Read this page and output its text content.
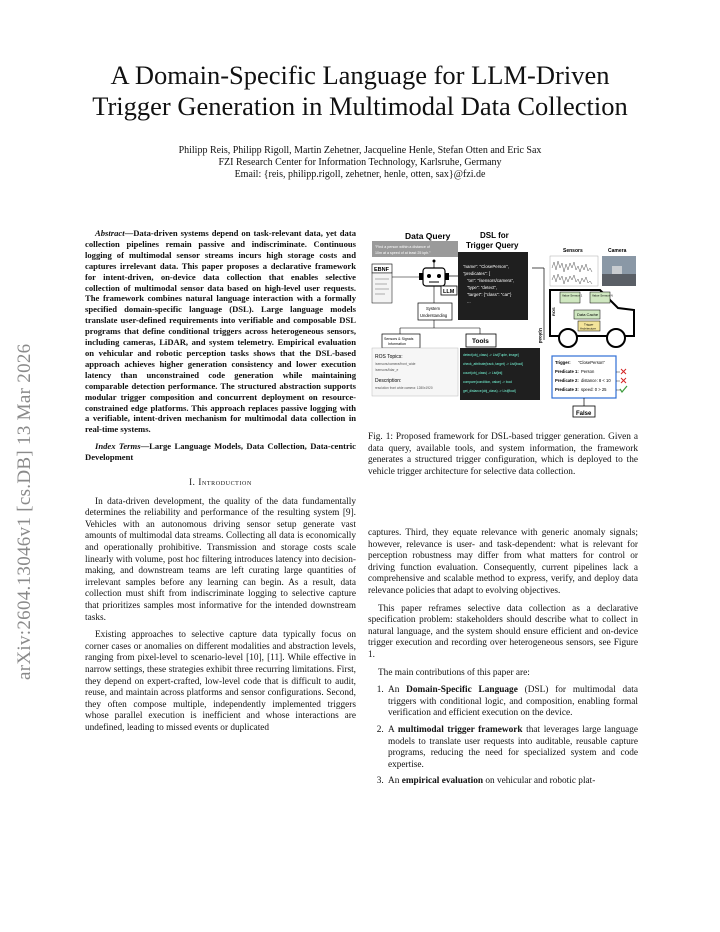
arXiv:2604.13046v1 [cs.DB] 13 Mar 2026
A Domain-Specific Language for LLM-Driven
Trigger Generation in Multimodal Data Collection
Philipp Reis, Philipp Rigoll, Martin Zehetner, Jacqueline Henle, Stefan Otten and Eric Sax
FZI Research Center for Information Technology, Karlsruhe, Germany
Email: {reis, philipp.rigoll, zehetner, henle, otten, sax}@fzi.de

Abstract—Data-driven systems depend on task-relevant data, yet data collection pipelines remain passive and indiscriminate. Continuous logging of multimodal sensor streams incurs high storage costs and captures irrelevant data. This paper proposes a declarative framework for intent-driven, on-device data collection that enables selective collection of multimodal sensor data based on high-level user requests. The framework combines natural language interaction with a formally specified domain-specific language (DSL). Large language models translate user-defined requirements into verifiable and composable DSL programs that define conditional triggers across heterogeneous sensors, including cameras, LiDAR, and system telemetry. Empirical evaluation on vehicular and robotic perception tasks shows that the DSL-based approach achieves higher generation consistency and lower execution latency than unconstrained code generation while maintaining comparable detection performance. The structured abstraction supports modular trigger composition and concurrent deployment on resource-constrained edge platforms. This approach replaces passive logging with a verifiable, intent-driven mechanism for multimodal data collection in real-time systems.

Index Terms—Large Language Models, Data Collection, Data-centric Development

I. Introduction

In data-driven development, the quality of the data fundamentally determines the reliability and performance of the resulting system [9]. Vehicles with an autonomous driving sensor setup generate vast amounts of multimodal data streams. Collecting all data is economically and operationally prohibitive. Transmission and storage costs scale linearly with volume, post hoc filtering introduces latency into decision-making, and downstream teams are left curating large quantities of irrelevant samples before any learning can begin. As a result, data collection must shift from indiscriminate logging to selective capture that prioritizes samples most informative for the intended downstream tasks.

Existing approaches to selective capture data typically focus on corner cases or anomalies on different modalities and abstraction levels, ranging from pixel-level to scenario-level [10], [11]. While effective in narrow settings, these strategies exhibit three recurring limitations. First, they depend on expert-crafted, low-level code that is difficult to audit, reuse, and maintain across platforms and sensor configurations. Second, they often compose multiple, independently implemented triggers whose parallel execution is inefficient and whose interactions are undefined, leading to missed events or duplicated

Data Query	DSL for
Trigger Query
"Find a person within a distance of
10m at a speed of at least 25 kph."
EBNF
LLM
System
Understanding
Sensors & Signals
Information
ROS Topics:
/sensors/camera/front_wide
/sensors/lidar_e
Description:
resolution front wide camera: 1280x1920
Tools
detect(obj_class) -> List[Tuple, image]
check_attribute(track, target) -> List[bool]
count(obj_class) -> List[int]
compare(condition, value) -> bool
get_distance(obj_class) -> List[float]
"name": "ClosePerson",
"predicates": [
"on": "/sensors/camera",
"type": "detect",
"target": {"class": "car"}
...
Upload
Sensors	Camera
ROS
Value Sensor 1	Value Sensor N
Data Cache
Trigger
Architecture
Trigger: "ClosePerson"
Predicate 1: Person
Predicate 2: distance: 8 < 10
Predicate 3: speed: 0 > 25
False
Fig. 1: Proposed framework for DSL-based trigger generation. Given a data query, available tools, and system information, the framework generates a structured trigger configuration, which is deployed to the vehicle trigger architecture for selective data collection.

captures. Third, they equate relevance with generic anomaly signals; however, relevance is user- and task-dependent: what is relevant for perception robustness may differ from what matters for control or driving function evaluation. Consequently, current pipelines lack a comprehensive and scalable method to express, verify, and deploy data relevance policies that adapt to evolving objectives.

This paper reframes selective data collection as a declarative specification problem: stakeholders should describe what to collect in natural language, and the system should ensure efficient and on-device trigger execution and recording over heterogeneous sensors, see Figure 1.

The main contributions of this paper are:

1. An Domain-Specific Language (DSL) for multimodal data triggers with conditional logic, and composition, enabling formal verification and efficient execution on the device.
2. A multimodal trigger framework that leverages large language models to translate user requests into auditable, reusable capture programs, reducing the need for specialized system and code expertise.
3. An empirical evaluation on vehicular and robotic plat-
